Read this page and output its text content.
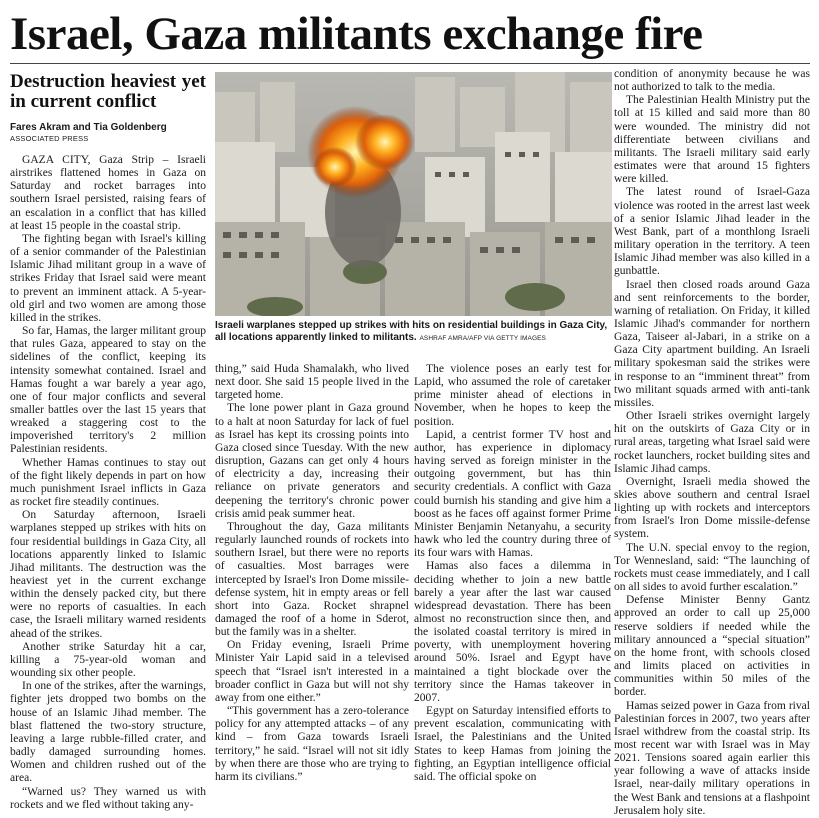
Israel, Gaza militants exchange fire
Destruction heaviest yet in current conflict
Fares Akram and Tia Goldenberg
ASSOCIATED PRESS

GAZA CITY, Gaza Strip – Israeli airstrikes flattened homes in Gaza on Saturday and rocket barrages into southern Israel persisted, raising fears of an escalation in a conflict that has killed at least 15 people in the coastal strip.

The fighting began with Israel's killing of a senior commander of the Palestinian Islamic Jihad militant group in a wave of strikes Friday that Israel said were meant to prevent an imminent attack. A 5-year-old girl and two women are among those killed in the strikes.

So far, Hamas, the larger militant group that rules Gaza, appeared to stay on the sidelines of the conflict, keeping its intensity somewhat contained. Israel and Hamas fought a war barely a year ago, one of four major conflicts and several smaller battles over the last 15 years that wreaked a staggering cost to the impoverished territory's 2 million Palestinian residents.

Whether Hamas continues to stay out of the fight likely depends in part on how much punishment Israel inflicts in Gaza as rocket fire steadily continues.

On Saturday afternoon, Israeli warplanes stepped up strikes with hits on four residential buildings in Gaza City, all locations apparently linked to Islamic Jihad militants. The destruction was the heaviest yet in the current exchange within the densely packed city, but there were no reports of casualties. In each case, the Israeli military warned residents ahead of the strikes.

Another strike Saturday hit a car, killing a 75-year-old woman and wounding six other people.

In one of the strikes, after the warnings, fighter jets dropped two bombs on the house of an Islamic Jihad member. The blast flattened the two-story structure, leaving a large rubble-filled crater, and badly damaged surrounding homes. Women and children rushed out of the area.

“Warned us? They warned us with rockets and we fled without taking any-

Israeli warplanes stepped up strikes with hits on residential buildings in Gaza City, all locations apparently linked to militants. ASHRAF AMRA/AFP VIA GETTY IMAGES

thing,” said Huda Shamalakh, who lived next door. She said 15 people lived in the targeted home.

The lone power plant in Gaza ground to a halt at noon Saturday for lack of fuel as Israel has kept its crossing points into Gaza closed since Tuesday. With the new disruption, Gazans can get only 4 hours of electricity a day, increasing their reliance on private generators and deepening the territory's chronic power crisis amid peak summer heat.

Throughout the day, Gaza militants regularly launched rounds of rockets into southern Israel, but there were no reports of casualties. Most barrages were intercepted by Israel's Iron Dome missile-defense system, hit in empty areas or fell short into Gaza. Rocket shrapnel damaged the roof of a home in Sderot, but the family was in a shelter.

On Friday evening, Israeli Prime Minister Yair Lapid said in a televised speech that “Israel isn't interested in a broader conflict in Gaza but will not shy away from one either.”

“This government has a zero-tolerance policy for any attempted attacks – of any kind – from Gaza towards Israeli territory,” he said. “Israel will not sit idly by when there are those who are trying to harm its civilians.”

The violence poses an early test for Lapid, who assumed the role of caretaker prime minister ahead of elections in November, when he hopes to keep the position.

Lapid, a centrist former TV host and author, has experience in diplomacy having served as foreign minister in the outgoing government, but has thin security credentials. A conflict with Gaza could burnish his standing and give him a boost as he faces off against former Prime Minister Benjamin Netanyahu, a security hawk who led the country during three of its four wars with Hamas.

Hamas also faces a dilemma in deciding whether to join a new battle barely a year after the last war caused widespread devastation. There has been almost no reconstruction since then, and the isolated coastal territory is mired in poverty, with unemployment hovering around 50%. Israel and Egypt have maintained a tight blockade over the territory since the Hamas takeover in 2007.

Egypt on Saturday intensified efforts to prevent escalation, communicating with Israel, the Palestinians and the United States to keep Hamas from joining the fighting, an Egyptian intelligence official said. The official spoke on

condition of anonymity because he was not authorized to talk to the media.

The Palestinian Health Ministry put the toll at 15 killed and said more than 80 were wounded. The ministry did not differentiate between civilians and militants. The Israeli military said early estimates were that around 15 fighters were killed.

The latest round of Israel-Gaza violence was rooted in the arrest last week of a senior Islamic Jihad leader in the West Bank, part of a monthlong Israeli military operation in the territory. A teen Islamic Jihad member was also killed in a gunbattle.

Israel then closed roads around Gaza and sent reinforcements to the border, warning of retaliation. On Friday, it killed Islamic Jihad's commander for northern Gaza, Taiseer al-Jabari, in a strike on a Gaza City apartment building. An Israeli military spokesman said the strikes were in response to an “imminent threat” from two militant squads armed with anti-tank missiles.

Other Israeli strikes overnight largely hit on the outskirts of Gaza City or in rural areas, targeting what Israel said were rocket launchers, rocket building sites and Islamic Jihad camps.

Overnight, Israeli media showed the skies above southern and central Israel lighting up with rockets and interceptors from Israel's Iron Dome missile-defense system.

The U.N. special envoy to the region, Tor Wennesland, said: “The launching of rockets must cease immediately, and I call on all sides to avoid further escalation.”

Defense Minister Benny Gantz approved an order to call up 25,000 reserve soldiers if needed while the military announced a “special situation” on the home front, with schools closed and limits placed on activities in communities within 50 miles of the border.

Hamas seized power in Gaza from rival Palestinian forces in 2007, two years after Israel withdrew from the coastal strip. Its most recent war with Israel was in May 2021. Tensions soared again earlier this year following a wave of attacks inside Israel, near-daily military operations in the West Bank and tensions at a flashpoint Jerusalem holy site.
